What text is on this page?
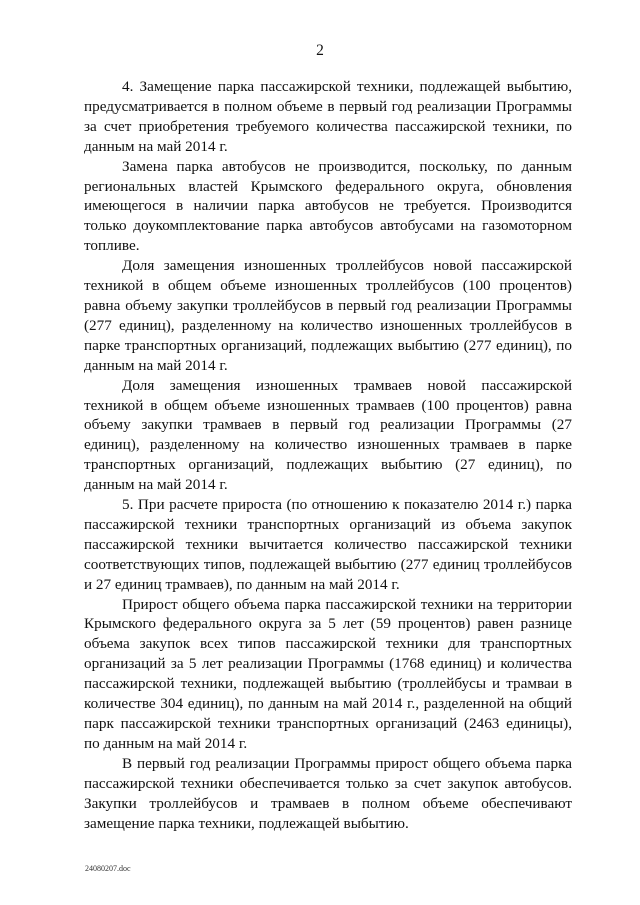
2

4. Замещение парка пассажирской техники, подлежащей выбытию, предусматривается в полном объеме в первый год реализации Программы за счет приобретения требуемого количества пассажирской техники, по данным на май 2014 г.

Замена парка автобусов не производится, поскольку, по данным региональных властей Крымского федерального округа, обновления имеющегося в наличии парка автобусов не требуется. Производится только доукомплектование парка автобусов автобусами на газомоторном топливе.

Доля замещения изношенных троллейбусов новой пассажирской техникой в общем объеме изношенных троллейбусов (100 процентов) равна объему закупки троллейбусов в первый год реализации Программы (277 единиц), разделенному на количество изношенных троллейбусов в парке транспортных организаций, подлежащих выбытию (277 единиц), по данным на май 2014 г.

Доля замещения изношенных трамваев новой пассажирской техникой в общем объеме изношенных трамваев (100 процентов) равна объему закупки трамваев в первый год реализации Программы (27 единиц), разделенному на количество изношенных трамваев в парке транспортных организаций, подлежащих выбытию (27 единиц), по данным на май 2014 г.

5. При расчете прироста (по отношению к показателю 2014 г.) парка пассажирской техники транспортных организаций из объема закупок пассажирской техники вычитается количество пассажирской техники соответствующих типов, подлежащей выбытию (277 единиц троллейбусов и 27 единиц трамваев), по данным на май 2014 г.

Прирост общего объема парка пассажирской техники на территории Крымского федерального округа за 5 лет (59 процентов) равен разнице объема закупок всех типов пассажирской техники для транспортных организаций за 5 лет реализации Программы (1768 единиц) и количества пассажирской техники, подлежащей выбытию (троллейбусы и трамваи в количестве 304 единиц), по данным на май 2014 г., разделенной на общий парк пассажирской техники транспортных организаций (2463 единицы), по данным на май 2014 г.

В первый год реализации Программы прирост общего объема парка пассажирской техники обеспечивается только за счет закупок автобусов. Закупки троллейбусов и трамваев в полном объеме обеспечивают замещение парка техники, подлежащей выбытию.

24080207.doc
